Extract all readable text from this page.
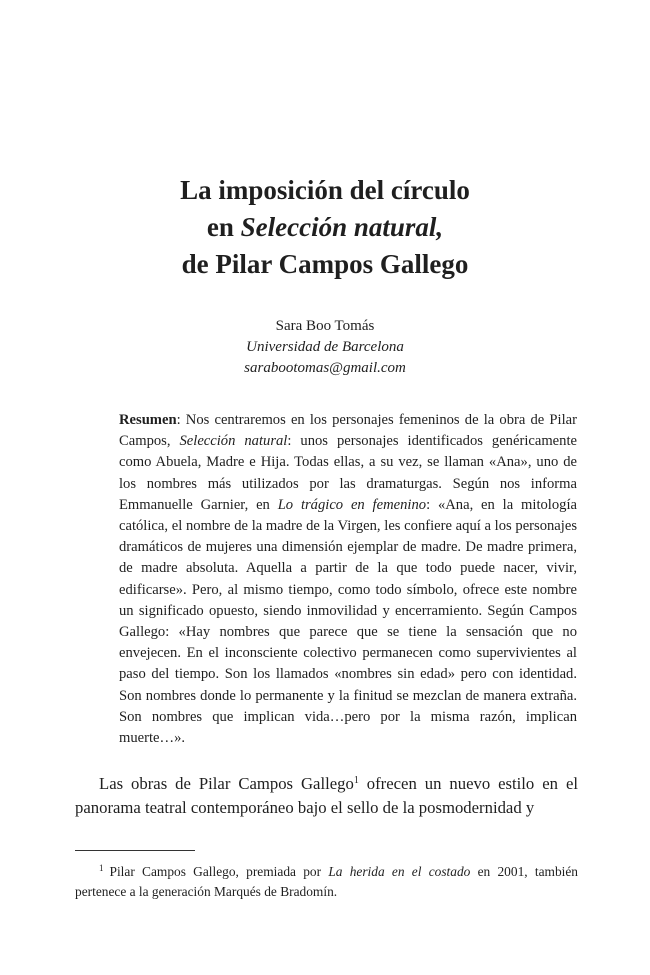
La imposición del círculo
en Selección natural,
de Pilar Campos Gallego
Sara Boo Tomás
Universidad de Barcelona
sarabootomas@gmail.com
Resumen: Nos centraremos en los personajes femeninos de la obra de Pilar Campos, Selección natural: unos personajes identificados genéricamente como Abuela, Madre e Hija. Todas ellas, a su vez, se llaman «Ana», uno de los nombres más utilizados por las dramaturgas. Según nos informa Emmanuelle Garnier, en Lo trágico en femenino: «Ana, en la mitología católica, el nombre de la madre de la Virgen, les confiere aquí a los personajes dramáticos de mujeres una dimensión ejemplar de madre. De madre primera, de madre absoluta. Aquella a partir de la que todo puede nacer, vivir, edificarse». Pero, al mismo tiempo, como todo símbolo, ofrece este nombre un significado opuesto, siendo inmovilidad y encerramiento. Según Campos Gallego: «Hay nombres que parece que se tiene la sensación que no envejecen. En el inconsciente colectivo permanecen como supervivientes al paso del tiempo. Son los llamados «nombres sin edad» pero con identidad. Son nombres donde lo permanente y la finitud se mezclan de manera extraña. Son nombres que implican vida…pero por la misma razón, implican muerte…».
Las obras de Pilar Campos Gallego$^1$ ofrecen un nuevo estilo en el panorama teatral contemporáneo bajo el sello de la posmodernidad y
$^1$ Pilar Campos Gallego, premiada por La herida en el costado en 2001, también pertenece a la generación Marqués de Bradomín.
